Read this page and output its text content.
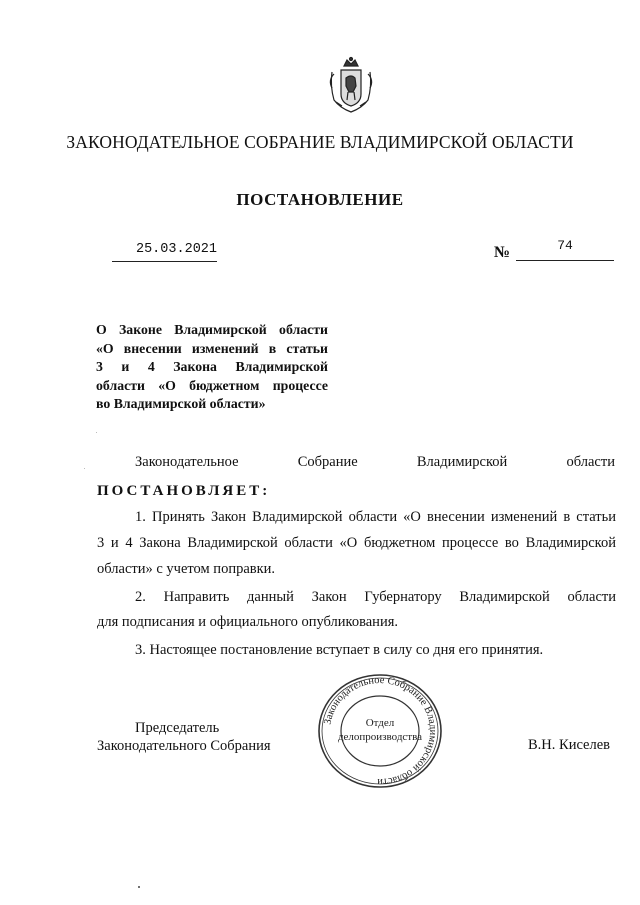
ЗАКОНОДАТЕЛЬНОЕ СОБРАНИЕ ВЛАДИМИРСКОЙ ОБЛАСТИ
ПОСТАНОВЛЕНИЕ
25.03.2021	№	74
О Законе Владимирской области
«О внесении изменений в статьи
3 и 4 Закона Владимирской
области «О бюджетном процессе
во Владимирской области»
Законодательное	Собрание	Владимирской	области
ПОСТАНОВЛЯЕТ:
1. Принять Закон Владимирской области «О внесении изменений в статьи
3 и 4 Закона Владимирской области «О бюджетном процессе во Владимирской
области» с учетом поправки.
2. Направить данный Закон Губернатору Владимирской области
для подписания и официального опубликования.
3. Настоящее постановление вступает в силу со дня его принятия.
Председатель
Законодательного Собрания	В.Н. Киселев
Законодательное Собрание Владимирской области
Отдел
делопроизводства
